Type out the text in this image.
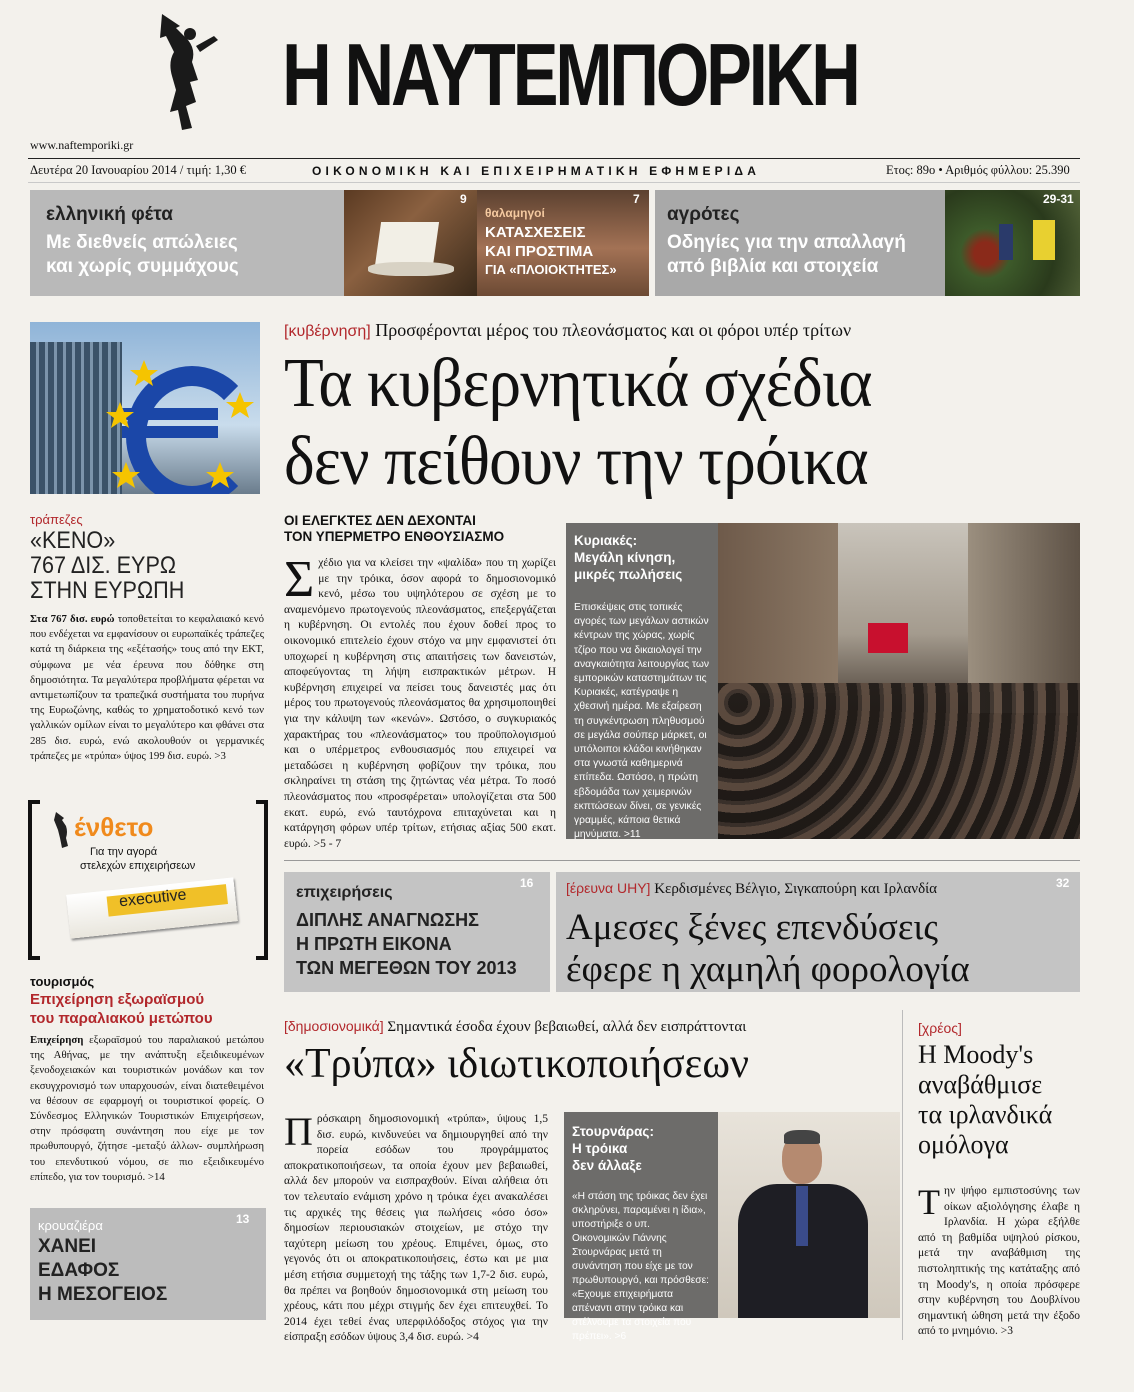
Η ΝΑΥΤΕΜΠΟΡΙΚΗ
www.naftemporiki.gr
Δευτέρα 20 Ιανουαρίου 2014 / τιμή: 1,30 €	ΟΙΚΟΝΟΜΙΚΗ ΚΑΙ ΕΠΙΧΕΙΡΗΜΑΤΙΚΗ ΕΦΗΜΕΡΙΔΑ	Ετος: 89ο • Αριθμός φύλλου: 25.390
ελληνική φέτα
Με διεθνείς απώλειες
και χωρίς συμμάχους
9
θαλαμηγοί
ΚΑΤΑΣΧΕΣΕΙΣ
ΚΑΙ ΠΡΟΣΤΙΜΑ
ΓΙΑ «ΠΛΟΙΟΚΤΗΤΕΣ»
7
αγρότες
Οδηγίες για την απαλλαγή
από βιβλία και στοιχεία
29-31
τράπεζες
«ΚΕΝΟ»
767 ΔΙΣ. ΕΥΡΩ
ΣΤΗΝ ΕΥΡΩΠΗ

Στα 767 δισ. ευρώ τοποθετείται το κεφαλαιακό κενό που ενδέχεται να εμφανίσουν οι ευρωπαϊκές τράπεζες κατά τη διάρκεια της «εξέτασής» τους από την ΕΚΤ, σύμφωνα με νέα έρευνα που δόθηκε στη δημοσιότητα. Τα μεγαλύτερα προβλήματα φέρεται να αντιμετωπίζουν τα τραπεζικά συστήματα του πυρήνα της Ευρωζώνης, καθώς το χρηματοδοτικό κενό των γαλλικών ομίλων είναι το μεγαλύτερο και φθάνει στα 285 δισ. ευρώ, ενώ ακολουθούν οι γερμανικές τράπεζες με «τρύπα» ύψος 199 δισ. ευρώ. >3

ένθετο
Για την αγορά
στελεχών επιχειρήσεων
executive
τουρισμός
Επιχείρηση εξωραϊσμού
του παραλιακού μετώπου

Επιχείρηση εξωραϊσμού του παραλιακού μετώπου της Αθήνας, με την ανάπτυξη εξειδικευμένων ξενοδοχειακών και τουριστικών μονάδων και τον εκσυγχρονισμό των υπαρχουσών, είναι διατεθειμένοι να θέσουν σε εφαρμογή οι τουριστικοί φορείς. Ο Σύνδεσμος Ελληνικών Τουριστικών Επιχειρήσεων, στην πρόσφατη συνάντηση που είχε με τον πρωθυπουργό, ζήτησε -μεταξύ άλλων- συμπλήρωση του επενδυτικού νόμου, σε πιο εξειδικευμένο επίπεδο, για τον τουρισμό. >14

κρουαζιέρα
ΧΑΝΕΙ
ΕΔΑΦΟΣ
Η ΜΕΣΟΓΕΙΟΣ
13
[κυβέρνηση] Προσφέρονται μέρος του πλεονάσματος και οι φόροι υπέρ τρίτων
Τα κυβερνητικά σχέδια
δεν πείθουν την τρόικα
ΟΙ ΕΛΕΓΚΤΕΣ ΔΕΝ ΔΕΧΟΝΤΑΙ
ΤΟΝ ΥΠΕΡΜΕΤΡΟ ΕΝΘΟΥΣΙΑΣΜΟ
Σ χέδιο για να κλείσει την «ψαλίδα» που τη χωρίζει με την τρόικα, όσον αφορά το δημοσιονομικό κενό, μέσω του υψηλότερου σε σχέση με το αναμενόμενο πρωτογενούς πλεονάσματος, επεξεργάζεται η κυβέρνηση. Οι εντολές που έχουν δοθεί προς το οικονομικό επιτελείο έχουν στόχο να μην εμφανιστεί ότι υποχωρεί η κυβέρνηση στις απαιτήσεις των δανειστών, αποφεύγοντας τη λήψη εισπρακτικών μέτρων. Η κυβέρνηση επιχειρεί να πείσει τους δανειστές μας ότι μέρος του πρωτογενούς πλεονάσματος θα χρησιμοποιηθεί για την κάλυψη των «κενών». Ωστόσο, ο συγκυριακός χαρακτήρας του «πλεονάσματος» του προϋπολογισμού και ο υπέρμετρος ενθουσιασμός που επιχειρεί να μεταδώσει η κυβέρνηση φοβίζουν την τρόικα, που σκληραίνει τη στάση της ζητώντας νέα μέτρα. Το ποσό πλεονάσματος που «προσφέρεται» υπολογίζεται στα 500 εκατ. ευρώ, ενώ ταυτόχρονα επιταχύνεται και η κατάργηση φόρων υπέρ τρίτων, ετήσιας αξίας 500 εκατ. ευρώ. >5 - 7

Κυριακές:
Μεγάλη κίνηση,
μικρές πωλήσεις

Επισκέψεις στις τοπικές αγορές των μεγάλων αστικών κέντρων της χώρας, χωρίς τζίρο που να δικαιολογεί την αναγκαιότητα λειτουργίας των εμπορικών καταστημάτων τις Κυριακές, κατέγραψε η χθεσινή ημέρα. Με εξαίρεση τη συγκέντρωση πληθυσμού σε μεγάλα σούπερ μάρκετ, οι υπόλοιποι κλάδοι κινήθηκαν στα γνωστά καθημερινά επίπεδα. Ωστόσο, η πρώτη εβδομάδα των χειμερινών εκπτώσεων δίνει, σε γενικές γραμμές, κάποια θετικά μηνύματα. >11

επιχειρήσεις
ΔΙΠΛΗΣ ΑΝΑΓΝΩΣΗΣ
Η ΠΡΩΤΗ ΕΙΚΟΝΑ
ΤΩΝ ΜΕΓΕΘΩΝ ΤΟΥ 2013
16 [έρευνα UHY] Κερδισμένες Βέλγιο, Σιγκαπούρη και Ιρλανδία
Αμεσες ξένες επενδύσεις
έφερε η χαμηλή φορολογία
32
[δημοσιονομικά] Σημαντικά έσοδα έχουν βεβαιωθεί, αλλά δεν εισπράττονται
«Τρύπα» ιδιωτικοποιήσεων
Π ρόσκαιρη δημοσιονομική «τρύπα», ύψους 1,5 δισ. ευρώ, κινδυνεύει να δημιουργηθεί από την πορεία εσόδων του προγράμματος αποκρατικοποιήσεων, τα οποία έχουν μεν βεβαιωθεί, αλλά δεν μπορούν να εισπραχθούν. Είναι αλήθεια ότι τον τελευταίο ενάμιση χρόνο η τρόικα έχει ανακαλέσει τις αρχικές της θέσεις για πωλήσεις «όσο όσο» δημοσίων περιουσιακών στοιχείων, με στόχο την ταχύτερη μείωση του χρέους. Επιμένει, όμως, στο γεγονός ότι οι αποκρατικοποιήσεις, έστω και με μια μέση ετήσια συμμετοχή της τάξης των 1,7-2 δισ. ευρώ, θα πρέπει να βοηθούν δημοσιονομικά στη μείωση του χρέους, κάτι που μέχρι στιγμής δεν έχει επιτευχθεί. Το 2014 έχει τεθεί ένας υπερφιλόδοξος στόχος για την είσπραξη εσόδων ύψους 3,4 δισ. ευρώ. >4

Στουρνάρας:
Η τρόικα
δεν άλλαξε

«Η στάση της τρόικας δεν έχει σκληρύνει, παραμένει η ίδια», υποστήριξε ο υπ. Οικονομικών Γιάννης Στουρνάρας μετά τη συνάντηση που είχε με τον πρωθυπουργό, και πρόσθεσε: «Εχουμε επιχειρήματα απέναντι στην τρόικα και στέλνουμε τα στοιχεία που πρέπει». >6

[χρέος]
Η Moody's
αναβάθμισε
τα ιρλανδικά
ομόλογα
Τ ην ψήφο εμπιστοσύνης των οίκων αξιολόγησης έλαβε η Ιρλανδία. Η χώρα εξήλθε από τη βαθμίδα υψηλού ρίσκου, μετά την αναβάθμιση της πιστοληπτικής της κατάταξης από τη Moody's, η οποία πρόσφερε στην κυβέρνηση του Δουβλίνου σημαντική ώθηση μετά την έξοδο από το μνημόνιο. >3
